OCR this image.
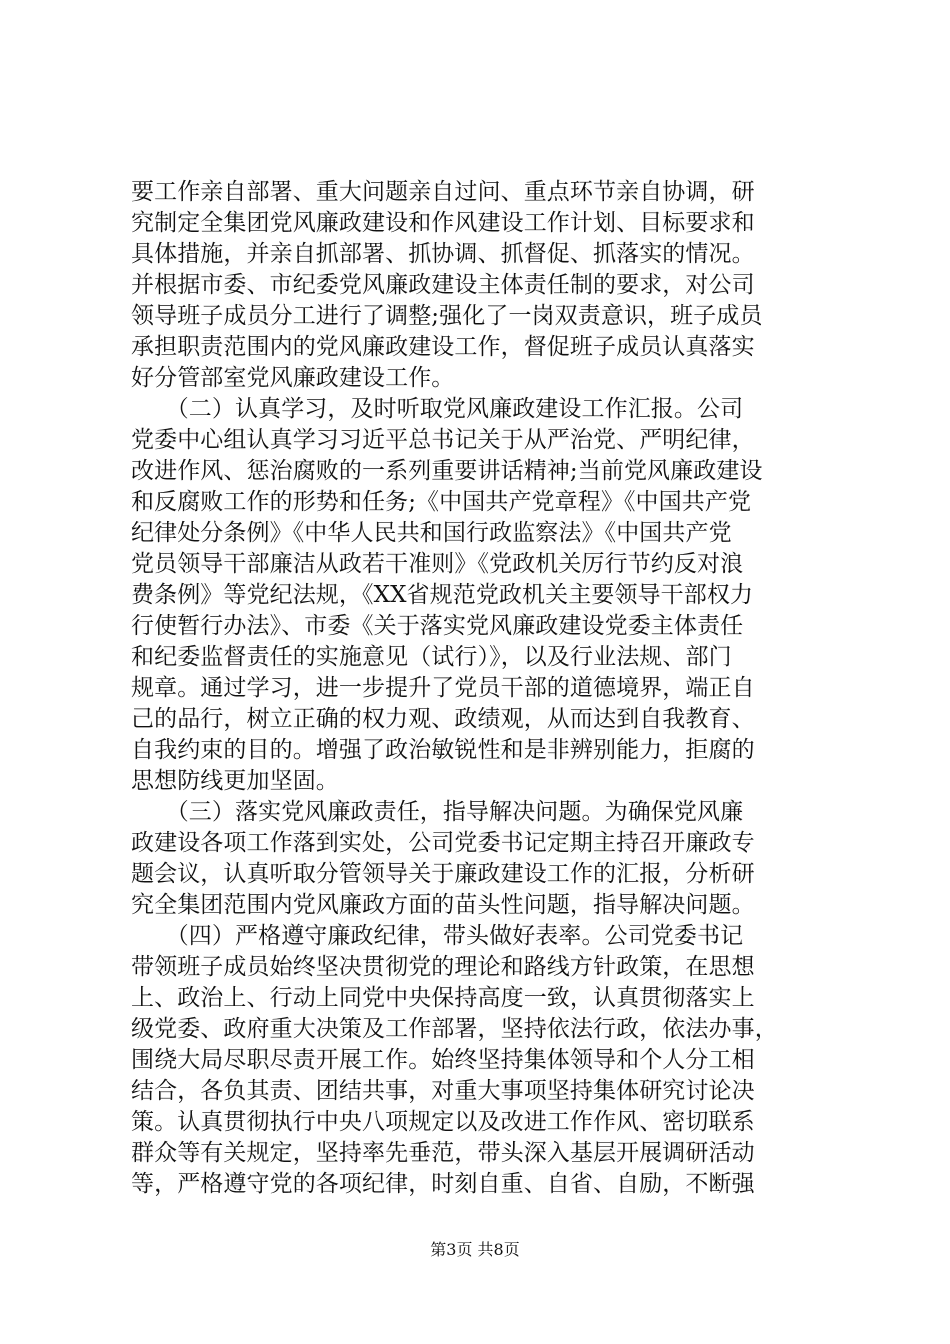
要工作亲自部署、重大问题亲自过问、重点环节亲自协调，研
究制定全集团党风廉政建设和作风建设工作计划、目标要求和
具体措施，并亲自抓部署、抓协调、抓督促、抓落实的情况。
并根据市委、市纪委党风廉政建设主体责任制的要求，对公司
领导班子成员分工进行了调整;强化了一岗双责意识，班子成员
承担职责范围内的党风廉政建设工作，督促班子成员认真落实
好分管部室党风廉政建设工作。
　　（二）认真学习，及时听取党风廉政建设工作汇报。公司
党委中心组认真学习习近平总书记关于从严治党、严明纪律，
改进作风、惩治腐败的一系列重要讲话精神;当前党风廉政建设
和反腐败工作的形势和任务;《中国共产党章程》《中国共产党
纪律处分条例》《中华人民共和国行政监察法》《中国共产党
党员领导干部廉洁从政若干准则》《党政机关厉行节约反对浪
费条例》等党纪法规，《XX省规范党政机关主要领导干部权力
行使暂行办法》、市委《关于落实党风廉政建设党委主体责任
和纪委监督责任的实施意见（试行）》，以及行业法规、部门
规章。通过学习，进一步提升了党员干部的道德境界，端正自
己的品行，树立正确的权力观、政绩观，从而达到自我教育、
自我约束的目的。增强了政治敏锐性和是非辨别能力，拒腐的
思想防线更加坚固。
　　（三）落实党风廉政责任，指导解决问题。为确保党风廉
政建设各项工作落到实处，公司党委书记定期主持召开廉政专
题会议，认真听取分管领导关于廉政建设工作的汇报，分析研
究全集团范围内党风廉政方面的苗头性问题，指导解决问题。
　　（四）严格遵守廉政纪律，带头做好表率。公司党委书记
带领班子成员始终坚决贯彻党的理论和路线方针政策，在思想
上、政治上、行动上同党中央保持高度一致，认真贯彻落实上
级党委、政府重大决策及工作部署，坚持依法行政，依法办事，
围绕大局尽职尽责开展工作。始终坚持集体领导和个人分工相
结合，各负其责、团结共事，对重大事项坚持集体研究讨论决
策。认真贯彻执行中央八项规定以及改进工作作风、密切联系
群众等有关规定，坚持率先垂范，带头深入基层开展调研活动
等，严格遵守党的各项纪律，时刻自重、自省、自励，不断强
第3页 共8页
